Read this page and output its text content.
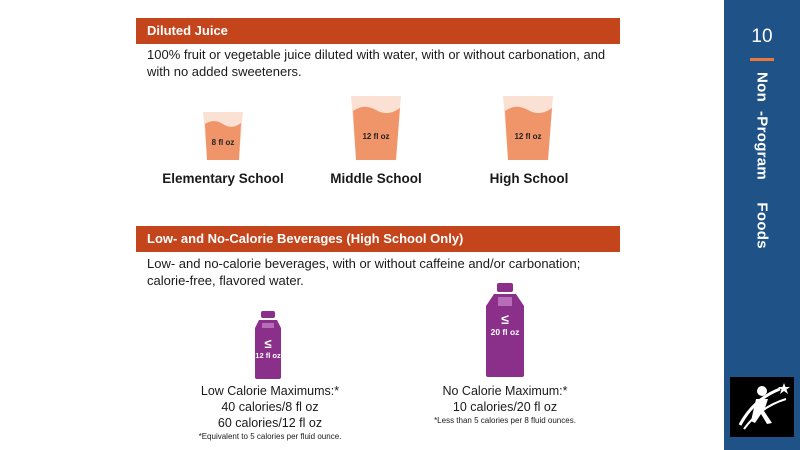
Diluted Juice
100% fruit or vegetable juice diluted with water, with or without carbonation, and with no added sweeteners.
8 fl oz
12 fl oz	12 fl oz
Elementary School	Middle School	High School
Low- and No-Calorie Beverages (High School Only)
Low- and no-calorie beverages, with or without caffeine and/or carbonation; calorie-free, flavored water.
≤
12 fl oz
≤
20 fl oz
Low Calorie Maximums:*
40 calories/8 fl oz
60 calories/12 fl oz
*Equivalent to 5 calories per fluid ounce.
No Calorie Maximum:*
10 calories/20 fl oz
*Less than 5 calories per 8 fluid ounces.
10
Non  -Program     Foods
